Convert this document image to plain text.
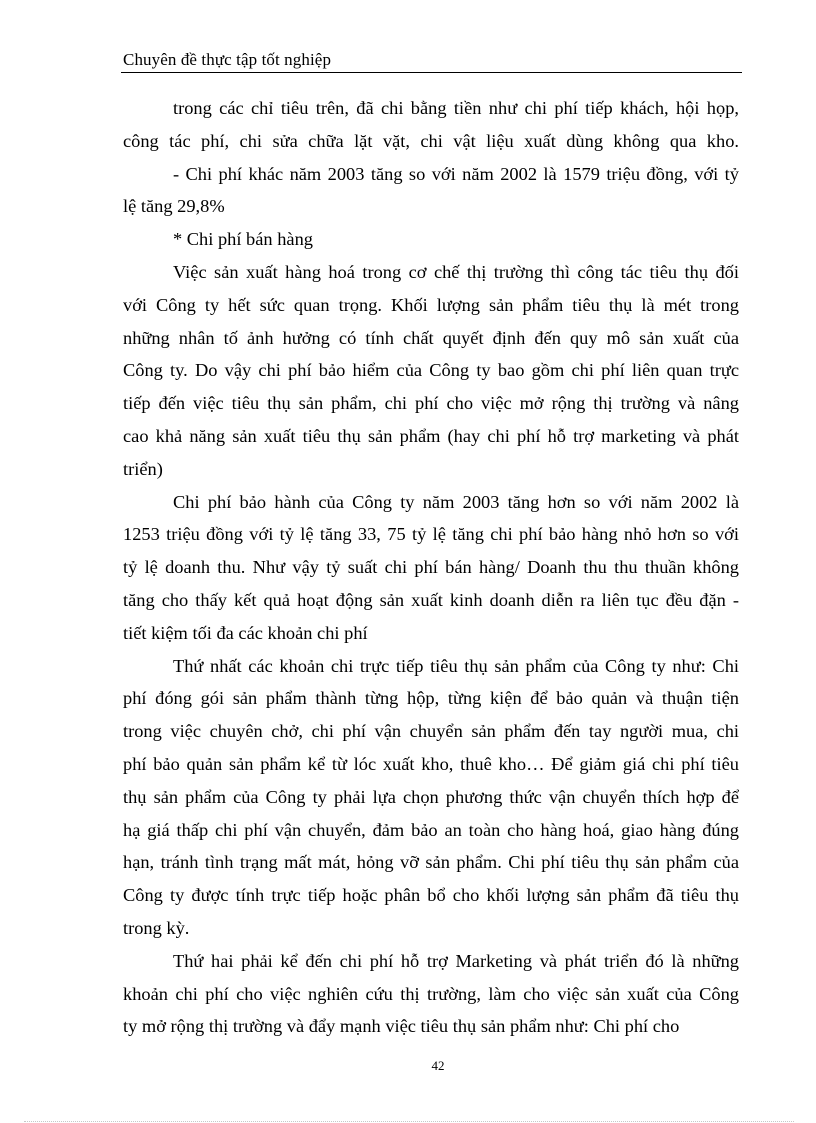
Chuyên đề thực tập tốt nghiệp
trong các chỉ tiêu trên, đã chi bằng tiền như chi phí tiếp khách, hội họp,
công tác phí, chi sửa chữa lặt vặt, chi vật liệu xuất dùng không qua kho.
- Chi phí khác năm 2003 tăng so với năm 2002 là 1579 triệu đồng, với tỷ
lệ tăng 29,8%
* Chi phí bán hàng
Việc sản xuất hàng hoá trong cơ chế thị trường thì công tác tiêu thụ đối
với Công ty hết sức quan trọng. Khối lượng sản phẩm tiêu thụ là mét trong
những nhân tố ảnh hưởng có tính chất quyết định đến quy mô sản xuất của
Công ty. Do vậy chi phí bảo hiểm của Công ty bao gồm chi phí liên quan trực
tiếp đến việc tiêu thụ sản phẩm, chi phí cho việc mở rộng thị trường và nâng
cao khả năng sản xuất tiêu thụ sản phẩm (hay chi phí hỗ trợ marketing và phát
triển)
Chi phí bảo hành của Công ty năm 2003 tăng hơn so với năm 2002 là
1253 triệu đồng với tỷ lệ tăng 33, 75 tỷ lệ tăng chi phí bảo hàng nhỏ hơn so với
tỷ lệ doanh thu. Như vậy tỷ suất chi phí bán hàng/ Doanh thu thu thuần không
tăng cho thấy kết quả hoạt động sản xuất kinh doanh diễn ra liên tục đều đặn -
tiết kiệm tối đa các khoản chi phí
Thứ nhất các khoản chi trực tiếp tiêu thụ sản phẩm của Công ty như: Chi
phí đóng gói sản phẩm thành từng hộp, từng kiện để bảo quản và thuận tiện
trong việc chuyên chở, chi phí vận chuyển sản phẩm đến tay người mua, chi
phí bảo quản sản phẩm kể từ lóc xuất kho, thuê kho… Để giảm giá chi phí tiêu
thụ sản phẩm của Công ty phải lựa chọn phương thức vận chuyển thích hợp để
hạ giá thấp chi phí vận chuyển, đảm bảo an toàn cho hàng hoá, giao hàng đúng
hạn, tránh tình trạng mất mát, hỏng vỡ sản phẩm. Chi phí tiêu thụ sản phẩm của
Công ty được tính trực tiếp hoặc phân bổ cho khối lượng sản phẩm đã tiêu thụ
trong kỳ.
Thứ hai phải kể đến chi phí hỗ trợ Marketing và phát triển đó là những
khoản chi phí cho việc nghiên cứu thị trường, làm cho việc sản xuất của Công
ty mở rộng thị trường và đẩy mạnh việc tiêu thụ sản phẩm như: Chi phí cho
42
